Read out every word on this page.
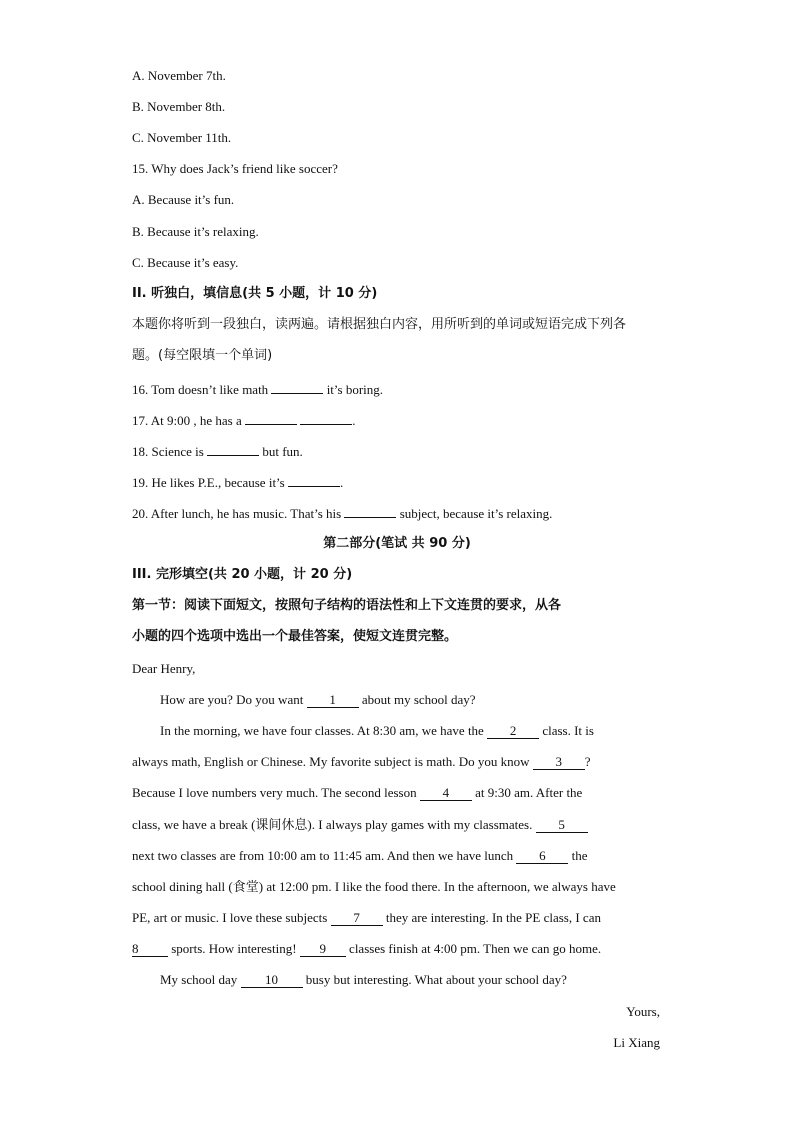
A. November 7th.
B. November 8th.
C. November 11th.
15. Why does Jack’s friend like soccer?
A. Because it’s fun.
B. Because it’s relaxing.
C. Because it’s easy.
II. 听独白，填信息(共 5 小题，计 10 分)
本题你将听到一段独白，读两遍。请根据独白内容，用所听到的单词或短语完成下列各
题。(每空限填一个单词)
16. Tom doesn’t like math	it’s boring.
17. At 9:00 , he has a	.
18. Science is	but fun.
19. He likes P.E., because it’s	.
20. After lunch, he has music. That’s his	subject, because it’s relaxing.
第二部分(笔试 共 90 分)
III. 完形填空(共 20 小题，计 20 分)
第一节：阅读下面短文，按照句子结构的语法性和上下文连贯的要求，从各
小题的四个选项中选出一个最佳答案，使短文连贯完整。
Dear Henry,
How are you? Do you want 1 about my school day?
In the morning, we have four classes. At 8:30 am, we have the 2 class. It is
always math, English or Chinese. My favorite subject is math. Do you know 3 ?
Because I love numbers very much. The second lesson 4 at 9:30 am. After the
class, we have a break (课间休息). I always play games with my classmates. 5
next two classes are from 10:00 am to 11:45 am. And then we have lunch 6 the
school dining hall (食堂) at 12:00 pm. I like the food there. In the afternoon, we always have
PE, art or music. I love these subjects 7 they are interesting. In the PE class, I can
8 sports. How interesting! 9 classes finish at 4:00 pm. Then we can go home.
My school day 10 busy but interesting. What about your school day?
Yours,
Li Xiang
